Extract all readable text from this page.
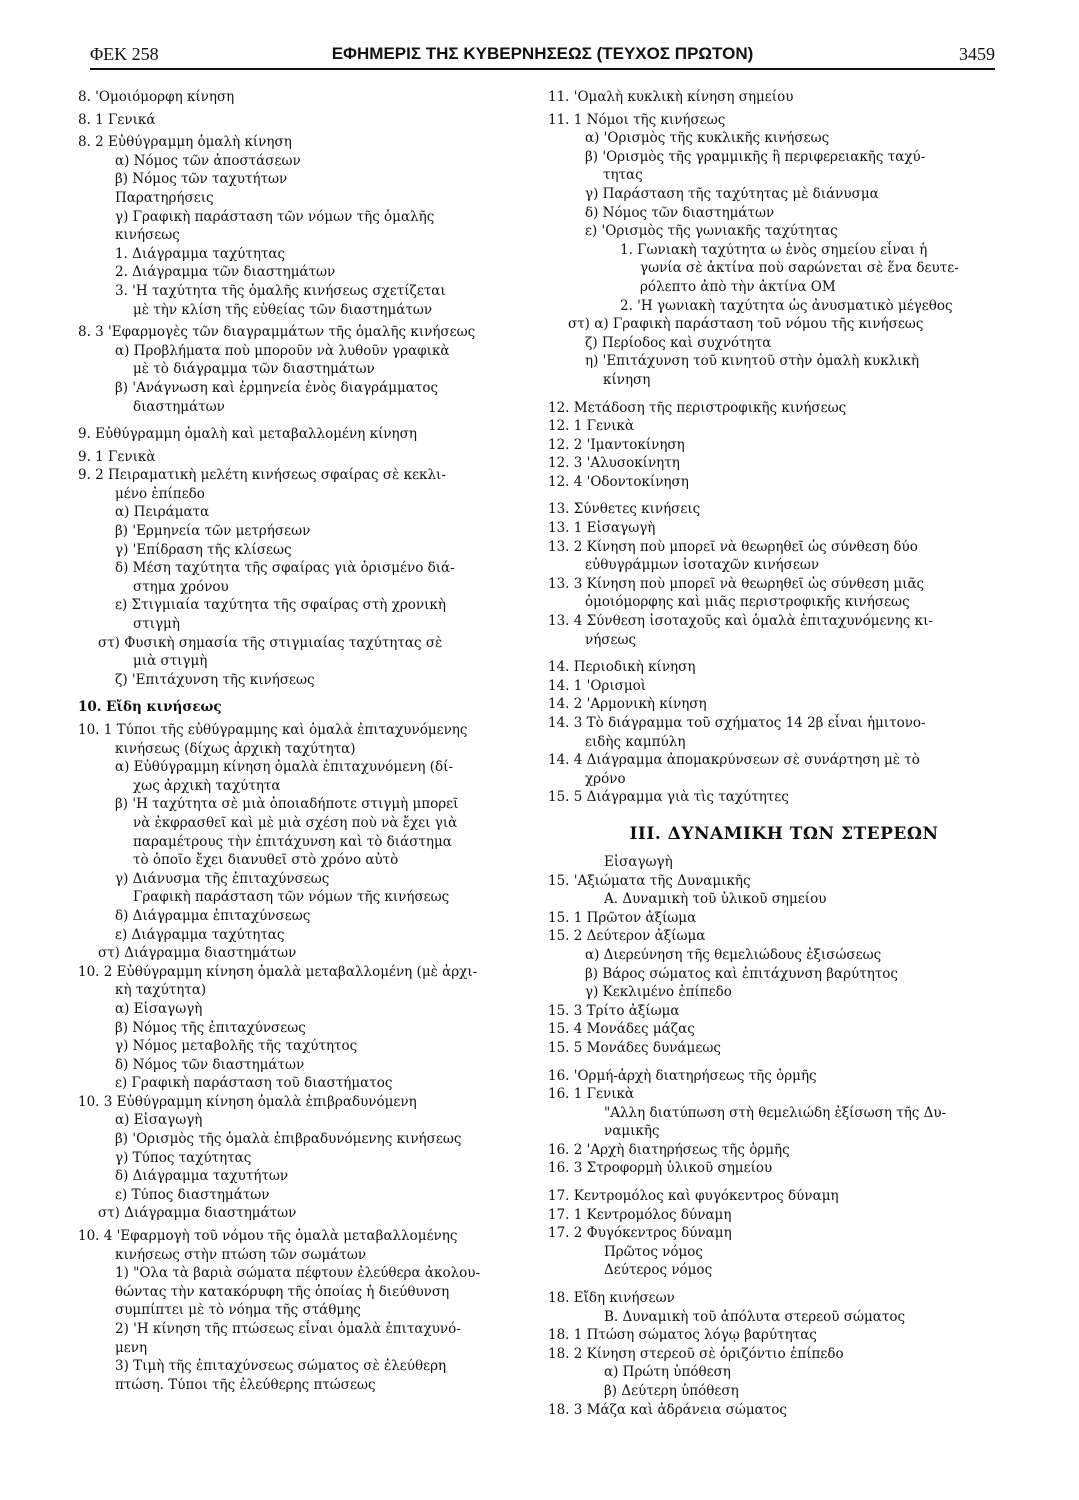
ΦΕΚ 258	ΕΦΗΜΕΡΙΣ ΤΗΣ ΚΥΒΕΡΝΗΣΕΩΣ (ΤΕΥΧΟΣ ΠΡΩΤΟΝ)	3459
8. 'Ομοιόμορφη κίνηση
8. 1 Γενικά
8. 2 Εὐθύγραμμη ὁμαλὴ κίνηση
α) Νόμος τῶν ἀποστάσεων
β) Νόμος τῶν ταχυτήτων
Παρατηρήσεις
γ) Γραφικὴ παράσταση τῶν νόμων τῆς ὁμαλῆς
κινήσεως
1. Διάγραμμα ταχύτητας
2. Διάγραμμα τῶν διαστημάτων
3. 'Η ταχύτητα τῆς ὁμαλῆς κινήσεως σχετίζεται
μὲ τὴν κλίση τῆς εὐθείας τῶν διαστημάτων
8. 3 'Εφαρμογὲς τῶν διαγραμμάτων τῆς ὁμαλῆς κινήσεως
α) Προβλήματα ποὺ μποροῦν νὰ λυθοῦν γραφικὰ
μὲ τὸ διάγραμμα τῶν διαστημάτων
β) 'Ανάγνωση καὶ ἑρμηνεία ἑνὸς διαγράμματος
διαστημάτων
9. Εὐθύγραμμη ὁμαλὴ καὶ μεταβαλλομένη κίνηση
9. 1 Γενικὰ
9. 2 Πειραματικὴ μελέτη κινήσεως σφαίρας σὲ κεκλι-
μένο ἐπίπεδο
α) Πειράματα
β) 'Ερμηνεία τῶν μετρήσεων
γ) 'Επίδραση τῆς κλίσεως
δ) Μέση ταχύτητα τῆς σφαίρας γιὰ ὁρισμένο διά-
στημα χρόνου
ε) Στιγμιαία ταχύτητα τῆς σφαίρας στὴ χρονικὴ
στιγμὴ
στ) Φυσικὴ σημασία τῆς στιγμιαίας ταχύτητας σὲ
μιὰ στιγμὴ
ζ) 'Επιτάχυνση τῆς κινήσεως
10. Εἴδη κινήσεως
10. 1 Τύποι τῆς εὐθύγραμμης καὶ ὁμαλὰ ἐπιταχυνόμενης
κινήσεως (δίχως ἀρχικὴ ταχύτητα)
α) Εὐθύγραμμη κίνηση ὁμαλὰ ἐπιταχυνόμενη (δί-
χως ἀρχικὴ ταχύτητα
β) 'Η ταχύτητα σὲ μιὰ ὁποιαδήποτε στιγμὴ μπορεῖ
νὰ ἐκφρασθεῖ καὶ μὲ μιὰ σχέση ποὺ νὰ ἔχει γιὰ
παραμέτρους τὴν ἐπιτάχυνση καὶ τὸ διάστημα
τὸ ὁποῖο ἔχει διανυθεῖ στὸ χρόνο αὐτὸ
γ) Διάνυσμα τῆς ἐπιταχύνσεως
Γραφικὴ παράσταση τῶν νόμων τῆς κινήσεως
δ) Διάγραμμα ἐπιταχύνσεως
ε) Διάγραμμα ταχύτητας
στ) Διάγραμμα διαστημάτων
10. 2 Εὐθύγραμμη κίνηση ὁμαλὰ μεταβαλλομένη (μὲ ἀρχι-
κὴ ταχύτητα)
α) Εἰσαγωγὴ
β) Νόμος τῆς ἐπιταχύνσεως
γ) Νόμος μεταβολῆς τῆς ταχύτητος
δ) Νόμος τῶν διαστημάτων
ε) Γραφικὴ παράσταση τοῦ διαστήματος
10. 3 Εὐθύγραμμη κίνηση ὁμαλὰ ἐπιβραδυνόμενη
α) Εἰσαγωγὴ
β) 'Ορισμὸς τῆς ὁμαλὰ ἐπιβραδυνόμενης κινήσεως
γ) Τύπος ταχύτητας
δ) Διάγραμμα ταχυτήτων
ε) Τύπος διαστημάτων
στ) Διάγραμμα διαστημάτων
10. 4 'Εφαρμογὴ τοῦ νόμου τῆς ὁμαλὰ μεταβαλλομένης
κινήσεως στὴν πτώση τῶν σωμάτων
1) "Ολα τὰ βαριὰ σώματα πέφτουν ἐλεύθερα ἀκολου-
θώντας τὴν κατακόρυφη τῆς ὁποίας ἡ διεύθυνση
συμπίπτει μὲ τὸ νόημα τῆς στάθμης
2) 'Η κίνηση τῆς πτώσεως εἶναι ὁμαλὰ ἐπιταχυνό-
μενη
3) Τιμὴ τῆς ἐπιταχύνσεως σώματος σὲ ἐλεύθερη
πτώση. Τύποι τῆς ἐλεύθερης πτώσεως
11. 'Ομαλὴ κυκλικὴ κίνηση σημείου
11. 1 Νόμοι τῆς κινήσεως
α) 'Ορισμὸς τῆς κυκλικῆς κινήσεως
β) 'Ορισμὸς τῆς γραμμικῆς ἢ περιφερειακῆς ταχύ-
τητας
γ) Παράσταση τῆς ταχύτητας μὲ διάνυσμα
δ) Νόμος τῶν διαστημάτων
ε) 'Ορισμὸς τῆς γωνιακῆς ταχύτητας
1. Γωνιακὴ ταχύτητα ω ἑνὸς σημείου εἶναι ἡ
γωνία σὲ ἀκτίνα ποὺ σαρώνεται σὲ ἕνα δευτε-
ρόλεπτο ἀπὸ τὴν ἀκτίνα ΟΜ
2. 'Η γωνιακὴ ταχύτητα ὡς ἀνυσματικὸ μέγεθος
στ) α) Γραφικὴ παράσταση τοῦ νόμου τῆς κινήσεως
ζ) Περίοδος καὶ συχνότητα
η) 'Επιτάχυνση τοῦ κινητοῦ στὴν ὁμαλὴ κυκλικὴ
κίνηση
12. Μετάδοση τῆς περιστροφικῆς κινήσεως
12. 1 Γενικὰ
12. 2 'Ιμαντοκίνηση
12. 3 'Αλυσοκίνητη
12. 4 'Οδοντοκίνηση
13. Σύνθετες κινήσεις
13. 1 Εἰσαγωγὴ
13. 2 Κίνηση ποὺ μπορεῖ νὰ θεωρηθεῖ ὡς σύνθεση δύο
εὐθυγράμμων ἰσοταχῶν κινήσεων
13. 3 Κίνηση ποὺ μπορεῖ νὰ θεωρηθεῖ ὡς σύνθεση μιᾶς
ὁμοιόμορφης καὶ μιᾶς περιστροφικῆς κινήσεως
13. 4 Σύνθεση ἰσοταχοῦς καὶ ὁμαλὰ ἐπιταχυνόμενης κι-
νήσεως
14. Περιοδικὴ κίνηση
14. 1 'Ορισμοὶ
14. 2 'Αρμονικὴ κίνηση
14. 3 Τὸ διάγραμμα τοῦ σχήματος 14 2β εἶναι ἡμιτονο-
ειδὴς καμπύλη
14. 4 Διάγραμμα ἀπομακρύνσεων σὲ συνάρτηση μὲ τὸ
χρόνο
15. 5 Διάγραμμα γιὰ τὶς ταχύτητες
ΙΙΙ. ΔΥΝΑΜΙΚΗ ΤΩΝ ΣΤΕΡΕΩΝ
Εἰσαγωγὴ
15. 'Αξιώματα τῆς Δυναμικῆς
Α. Δυναμικὴ τοῦ ὑλικοῦ σημείου
15. 1 Πρῶτον ἀξίωμα
15. 2 Δεύτερον ἀξίωμα
α) Διερεύνηση τῆς θεμελιώδους ἐξισώσεως
β) Βάρος σώματος καὶ ἐπιτάχυνση βαρύτητος
γ) Κεκλιμένο ἐπίπεδο
15. 3 Τρίτο ἀξίωμα
15. 4 Μονάδες μάζας
15. 5 Μονάδες δυνάμεως
16. 'Ορμή-ἀρχὴ διατηρήσεως τῆς ὁρμῆς
16. 1 Γενικὰ
"Αλλη διατύπωση στὴ θεμελιώδη ἐξίσωση τῆς Δυ-
ναμικῆς
16. 2 'Αρχὴ διατηρήσεως τῆς ὁρμῆς
16. 3 Στροφορμὴ ὑλικοῦ σημείου
17. Κεντρομόλος καὶ φυγόκεντρος δύναμη
17. 1 Κεντρομόλος δύναμη
17. 2 Φυγόκεντρος δύναμη
Πρῶτος νόμος
Δεύτερος νόμος
18. Εἴδη κινήσεων
Β. Δυναμικὴ τοῦ ἀπόλυτα στερεοῦ σώματος
18. 1 Πτώση σώματος λόγῳ βαρύτητας
18. 2 Κίνηση στερεοῦ σὲ ὁριζόντιο ἐπίπεδο
α) Πρώτη ὑπόθεση
β) Δεύτερη ὑπόθεση
18. 3 Μάζα καὶ ἀδράνεια σώματος
